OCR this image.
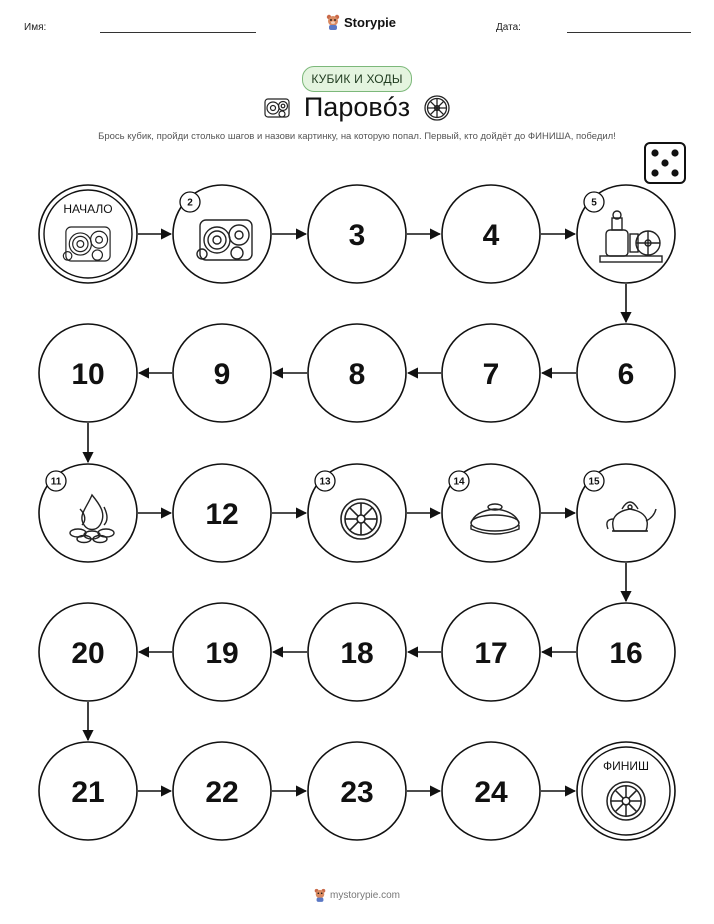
Имя:	Storypie	Дата:
КУБИК И ХОДЫ
Паровóз
Брось кубик, пройди столько шагов и назови картинку, на которую попал. Первый, кто дойдёт до ФИНИША, победил!
НАЧАЛО	2
3	4
5
6
7
8
9
10
11
12
13	14	15
16
17
18
19
20
21	22	23	24
ФИНИШ
mystorypie.com
